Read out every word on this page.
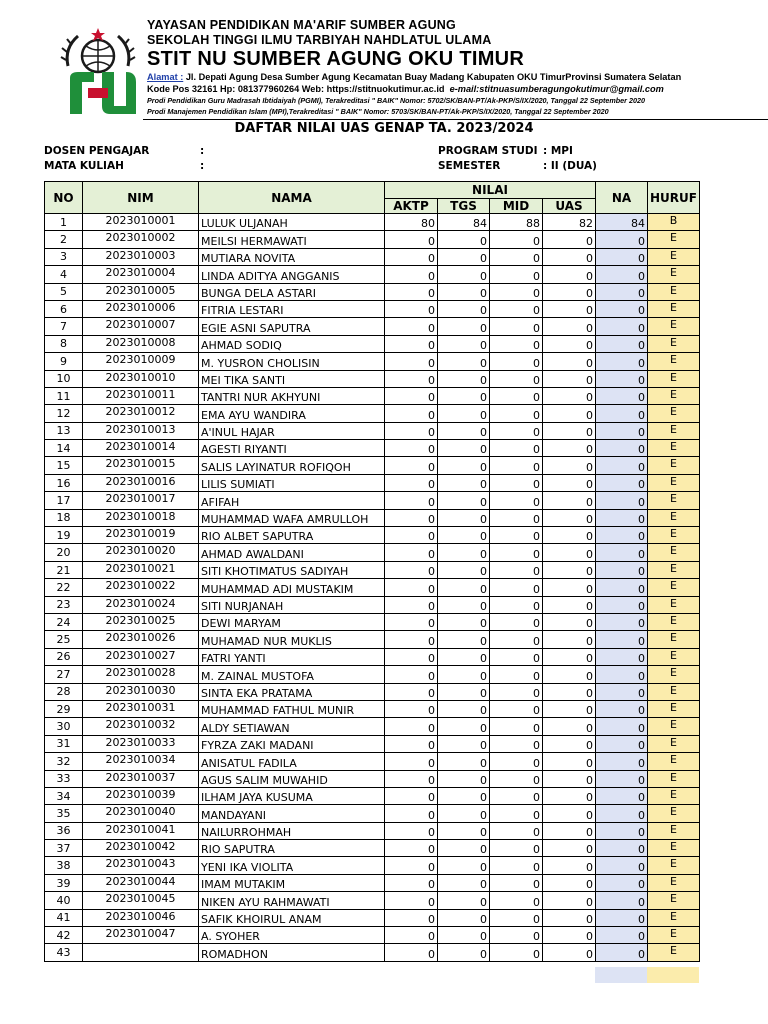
YAYASAN PENDIDIKAN MA'ARIF SUMBER AGUNG
SEKOLAH TINGGI ILMU TARBIYAH NAHDLATUL ULAMA
STIT NU SUMBER AGUNG OKU TIMUR
Alamat : Jl. Depati Agung Desa Sumber Agung Kecamatan Buay Madang Kabupaten OKU TimurProvinsi Sumatera Selatan
Kode Pos 32161 Hp: 081377960264 Web: https://stitnuokutimur.ac.id e-mail:stitnuasumberagungokutimur@gmail.com
Prodi Pendidikan Guru Madrasah Ibtidaiyah (PGMI), Terakreditasi " BAIK" Nomor: 5702/SK/BAN-PT/Ak-PKP/S/IX/2020, Tanggal 22 September 2020
Prodi Manajemen Pendidikan Islam (MPI),Terakreditasi " BAIK" Nomor: 5703/SK/BAN-PT/Ak-PKP/S/IX/2020, Tanggal 22 September 2020
DAFTAR NILAI UAS GENAP TA. 2023/2024
DOSEN PENGAJAR	:
MATA KULIAH	:
PROGRAM STUDI : MPI
SEMESTER	: II (DUA)
NO	NIM	NAMA	NILAI				NA	HURUF
			AKTP	TGS	MID	UAS		
1	2023010001	LULUK ULJANAH	80	84	88	82	84	B
2	2023010002	MEILSI HERMAWATI	0	0	0	0	0	E
3	2023010003	MUTIARA NOVITA	0	0	0	0	0	E
4	2023010004	LINDA ADITYA ANGGANIS	0	0	0	0	0	E
5	2023010005	BUNGA DELA ASTARI	0	0	0	0	0	E
6	2023010006	FITRIA LESTARI	0	0	0	0	0	E
7	2023010007	EGIE ASNI SAPUTRA	0	0	0	0	0	E
8	2023010008	AHMAD SODIQ	0	0	0	0	0	E
9	2023010009	M. YUSRON CHOLISIN	0	0	0	0	0	E
10	2023010010	MEI TIKA SANTI	0	0	0	0	0	E
11	2023010011	TANTRI NUR AKHYUNI	0	0	0	0	0	E
12	2023010012	EMA AYU WANDIRA	0	0	0	0	0	E
13	2023010013	A'INUL HAJAR	0	0	0	0	0	E
14	2023010014	AGESTI RIYANTI	0	0	0	0	0	E
15	2023010015	SALIS LAYINATUR ROFIQOH	0	0	0	0	0	E
16	2023010016	LILIS SUMIATI	0	0	0	0	0	E
17	2023010017	AFIFAH	0	0	0	0	0	E
18	2023010018	MUHAMMAD WAFA AMRULLOH	0	0	0	0	0	E
19	2023010019	RIO ALBET SAPUTRA	0	0	0	0	0	E
20	2023010020	AHMAD AWALDANI	0	0	0	0	0	E
21	2023010021	SITI KHOTIMATUS SADIYAH	0	0	0	0	0	E
22	2023010022	MUHAMMAD ADI MUSTAKIM	0	0	0	0	0	E
23	2023010024	SITI NURJANAH	0	0	0	0	0	E
24	2023010025	DEWI MARYAM	0	0	0	0	0	E
25	2023010026	MUHAMAD NUR MUKLIS	0	0	0	0	0	E
26	2023010027	FATRI YANTI	0	0	0	0	0	E
27	2023010028	M. ZAINAL MUSTOFA	0	0	0	0	0	E
28	2023010030	SINTA EKA PRATAMA	0	0	0	0	0	E
29	2023010031	MUHAMMAD FATHUL MUNIR	0	0	0	0	0	E
30	2023010032	ALDY SETIAWAN	0	0	0	0	0	E
31	2023010033	FYRZA ZAKI MADANI	0	0	0	0	0	E
32	2023010034	ANISATUL FADILA	0	0	0	0	0	E
33	2023010037	AGUS SALIM MUWAHID	0	0	0	0	0	E
34	2023010039	ILHAM JAYA KUSUMA	0	0	0	0	0	E
35	2023010040	MANDAYANI	0	0	0	0	0	E
36	2023010041	NAILURROHMAH	0	0	0	0	0	E
37	2023010042	RIO SAPUTRA	0	0	0	0	0	E
38	2023010043	YENI IKA VIOLITA	0	0	0	0	0	E
39	2023010044	IMAM MUTAKIM	0	0	0	0	0	E
40	2023010045	NIKEN AYU RAHMAWATI	0	0	0	0	0	E
41	2023010046	SAFIK KHOIRUL ANAM	0	0	0	0	0	E
42	2023010047	A. SYOHER	0	0	0	0	0	E
43		ROMADHON	0	0	0	0	0	E
